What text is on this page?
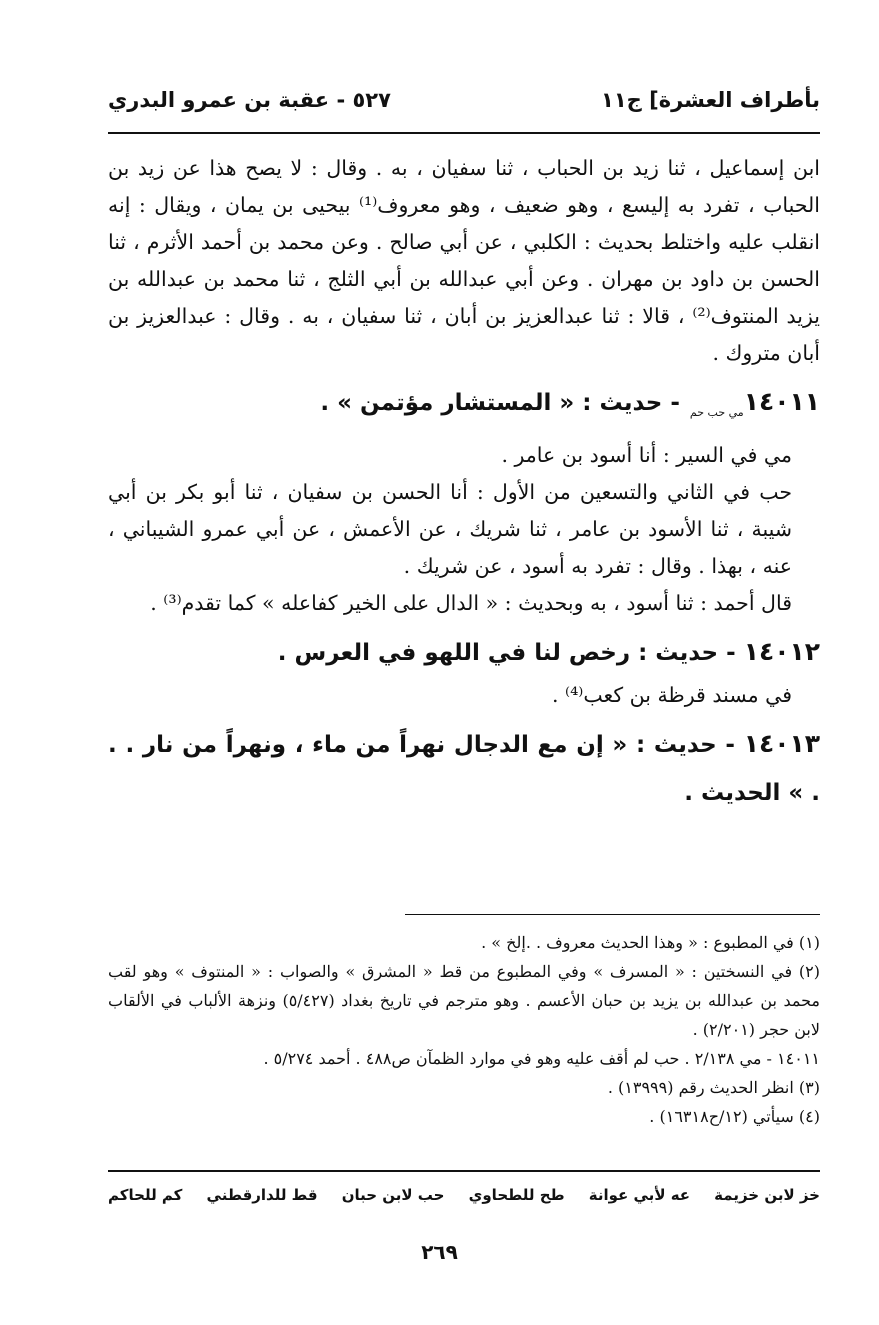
بأطراف العشرة] ج١١
٥٢٧ - عقبة بن عمرو البدري

ابن إسماعيل ، ثنا زيد بن الحباب ، ثنا سفيان ، به . وقال : لا يصح هذا عن زيد بن الحباب ، تفرد به إليسع ، وهو ضعيف ، وهو معروف⁽¹⁾ بيحيى بن يمان ، ويقال : إنه انقلب عليه واختلط بحديث : الكلبي ، عن أبي صالح . وعن محمد بن أحمد الأثرم ، ثنا الحسن بن داود بن مهران . وعن أبي عبدالله بن أبي الثلج ، ثنا محمد بن عبدالله بن يزيد المنتوف⁽²⁾ ، قالا : ثنا عبدالعزيز بن أبان ، ثنا سفيان ، به . وقال : عبدالعزيز بن أبان متروك .

$١٤٠١١_{مي حب حم}$ - حديث : « المستشار مؤتمن » .

مي في السير : أنا أسود بن عامر .

حب في الثاني والتسعين من الأول : أنا الحسن بن سفيان ، ثنا أبو بكر بن أبي شيبة ، ثنا الأسود بن عامر ، ثنا شريك ، عن الأعمش ، عن أبي عمرو الشيباني ، عنه ، بهذا . وقال : تفرد به أسود ، عن شريك .

قال أحمد : ثنا أسود ، به وبحديث : « الدال على الخير كفاعله » كما تقدم⁽³⁾ .

١٤٠١٢ - حديث : رخص لنا في اللهو في العرس .

في مسند قرظة بن كعب⁽⁴⁾ .

١٤٠١٣ - حديث : « إن مع الدجال نهراً من ماء ، ونهراً من نار . . . » الحديث .

(١) في المطبوع : « وهذا الحديث معروف . .إلخ » .

(٢) في النسختين : « المسرف » وفي المطبوع من قط « المشرق » والصواب : « المنتوف » وهو لقب محمد بن عبدالله بن يزيد بن حبان الأعسم . وهو مترجم في تاريخ بغداد (٥/٤٢٧) ونزهة الألباب في الألقاب لابن حجر (٢/٢٠١) .

١٤٠١١ - مي ٢/١٣٨ . حب لم أقف عليه وهو في موارد الظمآن ص٤٨٨ . أحمد ٥/٢٧٤ .

(٣) انظر الحديث رقم (١٣٩٩٩) .

(٤) سيأتي (١٢/ح١٦٣١٨) .

خز لابن خزيمة
عه لأبي عوانة
طح للطحاوي
حب لابن حبان
قط للدارقطني
كم للحاكم
٢٦٩
